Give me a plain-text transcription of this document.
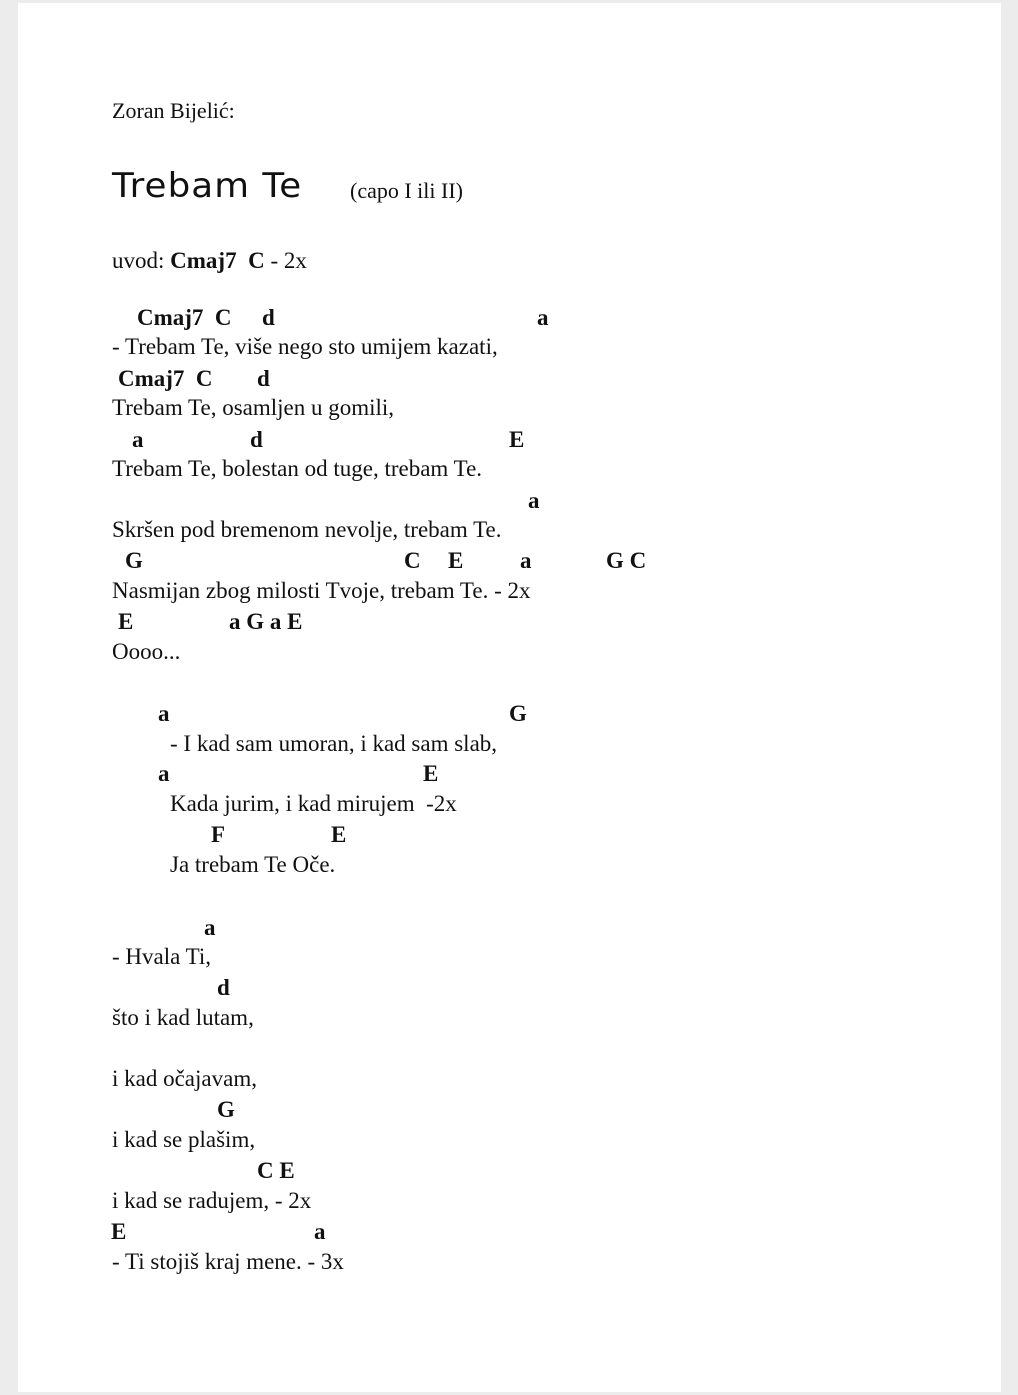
Zoran Bijelić:
Trebam Te (capo I ili II)
uvod: Cmaj7  C - 2x
Cmaj7  C d	a
- Trebam Te, više nego sto umijem kazati,
Cmaj7  C d
Trebam Te, osamljen u gomili,
a	d	E
Trebam Te, bolestan od tuge, trebam Te.
a
Skršen pod bremenom nevolje, trebam Te.
G	C E a	G C
Nasmijan zbog milosti Tvoje, trebam Te. - 2x
E	a G a E
Oooo...
a	G
- I kad sam umoran, i kad sam slab,
a	E
Kada jurim, i kad mirujem  -2x
F	E
Ja trebam Te Oče.
a
- Hvala Ti,
d
što i kad lutam,
i kad očajavam,
G
i kad se plašim,
C E
i kad se radujem, - 2x
E	a
- Ti stojiš kraj mene. - 3x
